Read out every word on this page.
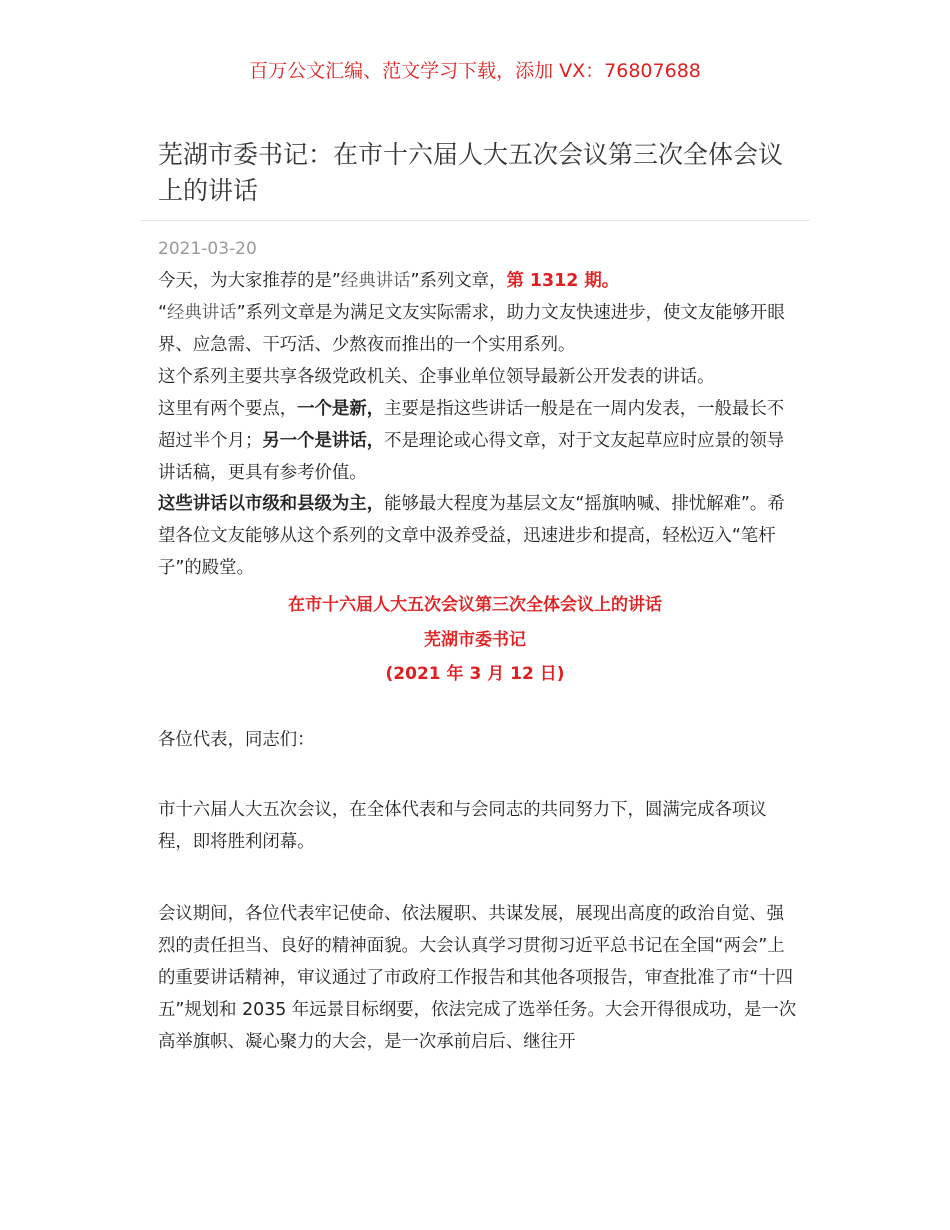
百万公文汇编、范文学习下载，添加 VX：76807688
芜湖市委书记：在市十六届人大五次会议第三次全体会议上的讲话
2021-03-20
今天，为大家推荐的是”经典讲话”系列文章，第 1312 期。
“经典讲话”系列文章是为满足文友实际需求，助力文友快速进步，使文友能够开眼界、应急需、干巧活、少熬夜而推出的一个实用系列。
这个系列主要共享各级党政机关、企事业单位领导最新公开发表的讲话。
这里有两个要点，一个是新，主要是指这些讲话一般是在一周内发表，一般最长不超过半个月；另一个是讲话，不是理论或心得文章，对于文友起草应时应景的领导讲话稿，更具有参考价值。
这些讲话以市级和县级为主，能够最大程度为基层文友“摇旗呐喊、排忧解难”。希望各位文友能够从这个系列的文章中汲养受益，迅速进步和提高，轻松迈入“笔杆子”的殿堂。
在市十六届人大五次会议第三次全体会议上的讲话
芜湖市委书记
(2021 年 3 月 12 日)
各位代表，同志们：
市十六届人大五次会议，在全体代表和与会同志的共同努力下，圆满完成各项议程，即将胜利闭幕。
会议期间，各位代表牢记使命、依法履职、共谋发展，展现出高度的政治自觉、强烈的责任担当、良好的精神面貌。大会认真学习贯彻习近平总书记在全国“两会”上的重要讲话精神，审议通过了市政府工作报告和其他各项报告，审查批准了市“十四五”规划和 2035 年远景目标纲要，依法完成了选举任务。大会开得很成功，是一次高举旗帜、凝心聚力的大会，是一次承前启后、继往开
